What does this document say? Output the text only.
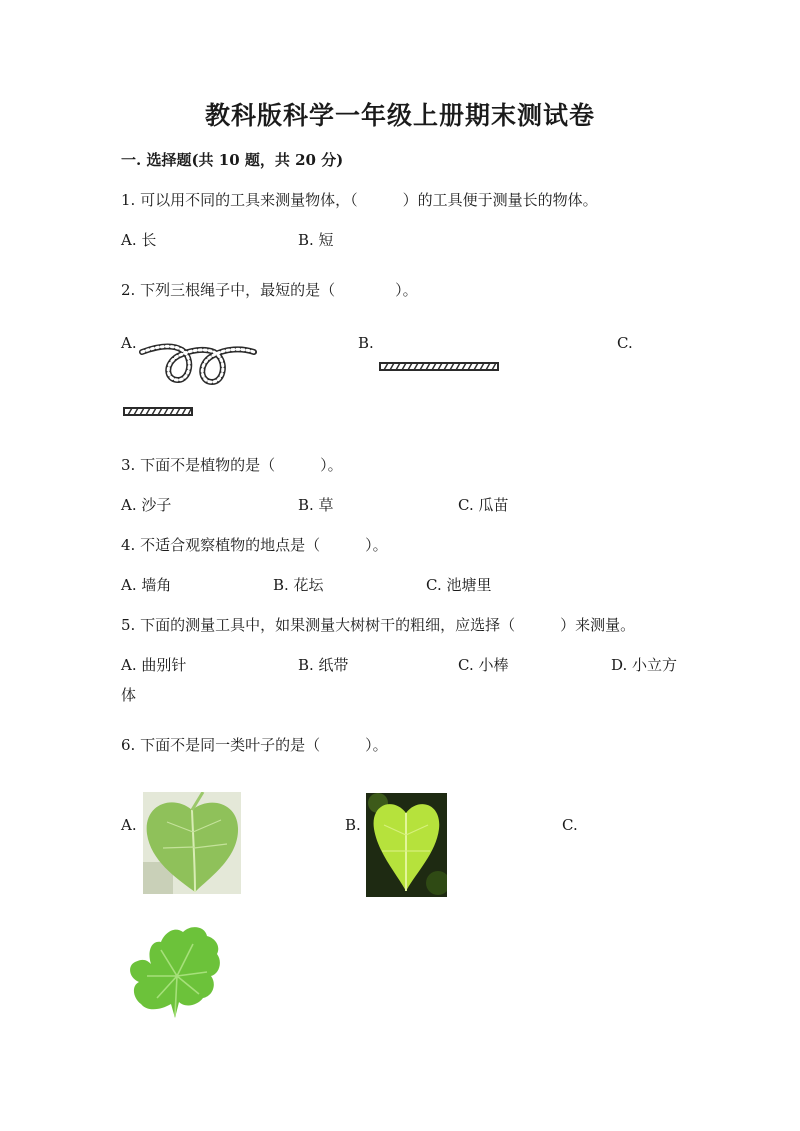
教科版科学一年级上册期末测试卷
一. 选择题(共 10 题，共 20 分)
1. 可以用不同的工具来测量物体，（　　　）的工具便于测量长的物体。
A. 长	B. 短
2. 下列三根绳子中，最短的是（　　　　）。
A.	B.	C.
3. 下面不是植物的是（　　　）。
A. 沙子	B. 草	C. 瓜苗
4. 不适合观察植物的地点是（　　　）。
A. 墙角	B. 花坛	C. 池塘里
5. 下面的测量工具中，如果测量大树树干的粗细，应选择（　　　）来测量。
A. 曲别针	B. 纸带	C. 小棒	D. 小立方
体
6. 下面不是同一类叶子的是（　　　）。
A.	B.	C.
